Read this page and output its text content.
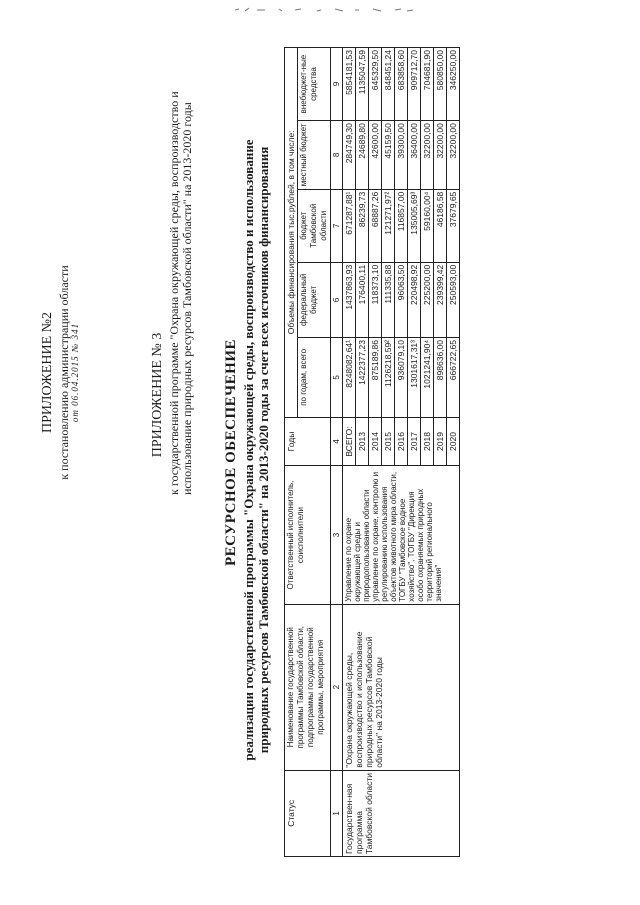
ПРИЛОЖЕНИЕ №2 к постановлению администрации области от 06.04.2015 № 341	ПРИЛОЖЕНИЕ № 3 к государственной программе "Охрана окружающей среды, воспроизводство и использование природных ресурсов Тамбовской области" на 2013-2020 годы РЕСУРСНОЕ ОБЕСПЕЧЕНИЕ реализации государственной программы "Охрана окружающей среды, воспроизводство и использование природных ресурсов Тамбовской области" на 2013-2020 годы за счет всех источников финансирования
Статус	Наименование государственной программы Тамбовской области, подпрограммы государственной программы, мероприятия	Ответственный исполнитель, соисполнители	Годы	Объемы финансирования тыс.рублей, в том числе:				
				по годам, всего	федеральный бюджет	бюджет Тамбовской области	местный бюджет	внебюджет-ные средства
1	2	3	4	5	6	7	8	9
Государствен-ная программа Тамбовской области	"Охрана окружающей среды, воспроизводство и использование природных ресурсов Тамбовской области" на 2013-2020 годы	Управление по охране окружающей среды и природопользованию области управление по охране, контролю и регулированию использования объектов животного мира области, ТОГБУ "Тамбовское водное хозяйство", ТОГБУ "Дирекция особо охраняемых природных территорий регионального значения"	ВСЕГО:	8248082,64¹	1437863,93	671287,88¹	284749,30	5854181,53
			2013	1422377,23	176400,11	86239,73	24689,80	1135047,59
			2014	875189,86	118373,10	68887,26	42600,00	645329,50
			2015	1126218,59²	111335,88	121271,97²	45159,50	848451,24
			2016	936079,10	96063,50	116857,00	39300,00	683858,60
			2017	1301617,31³	220498,92	135005,69³	36400,00	909712,70
			2018	1021241,90⁴	225200,00	59160,00⁴	32200,00	704681,90
			2019	898636,00	239399,42	46186,58	32200,00	580850,00
			2020	666722,65	250593,00	37679,65	32200,00	346250,00
